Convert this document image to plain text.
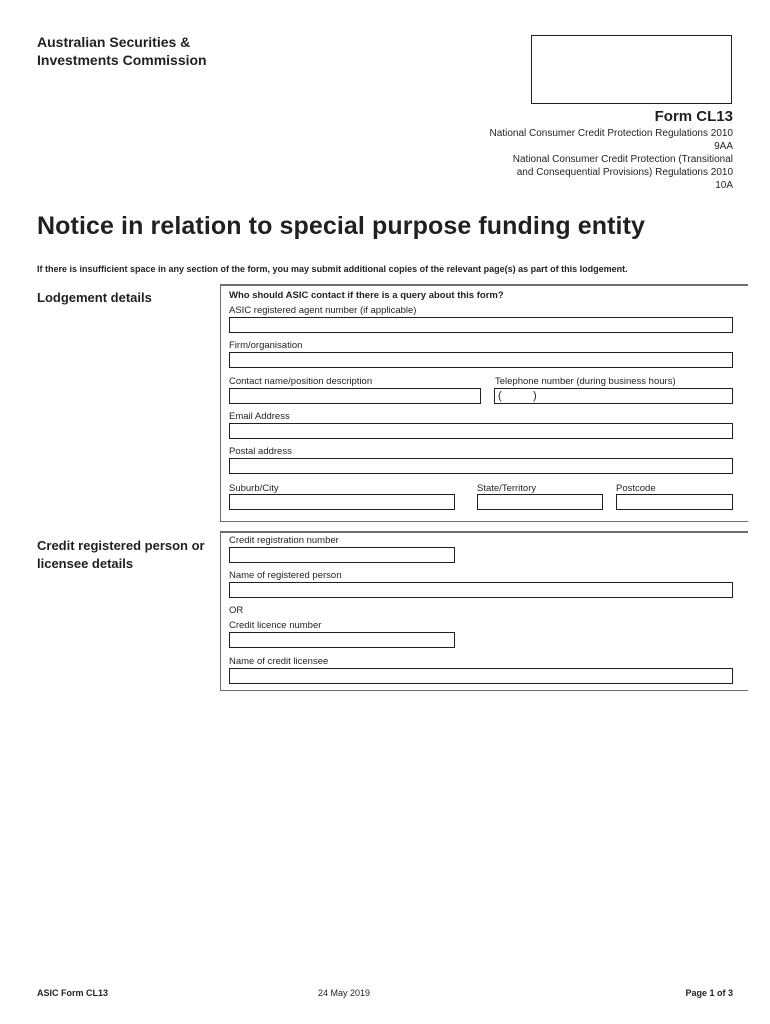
Australian Securities &
Investments Commission
Form CL13
National Consumer Credit Protection Regulations 2010
9AA
National Consumer Credit Protection (Transitional
and Consequential Provisions) Regulations 2010
10A
Notice in relation to special purpose funding entity
If there is insufficient space in any section of the form, you may submit additional copies of the relevant page(s) as part of this lodgement.
Lodgement details	Who should ASIC contact if there is a query about this form?
ASIC registered agent number (if applicable)
Firm/organisation
Contact name/position description	Telephone number (during business hours)
(	)
Email Address
Postal address
Suburb/City	State/Territory	Postcode
Credit registered person or
licensee details
Credit registration number
Name of registered person
OR
Credit licence number
Name of credit licensee
ASIC Form CL13	24 May 2019	Page 1 of 3
